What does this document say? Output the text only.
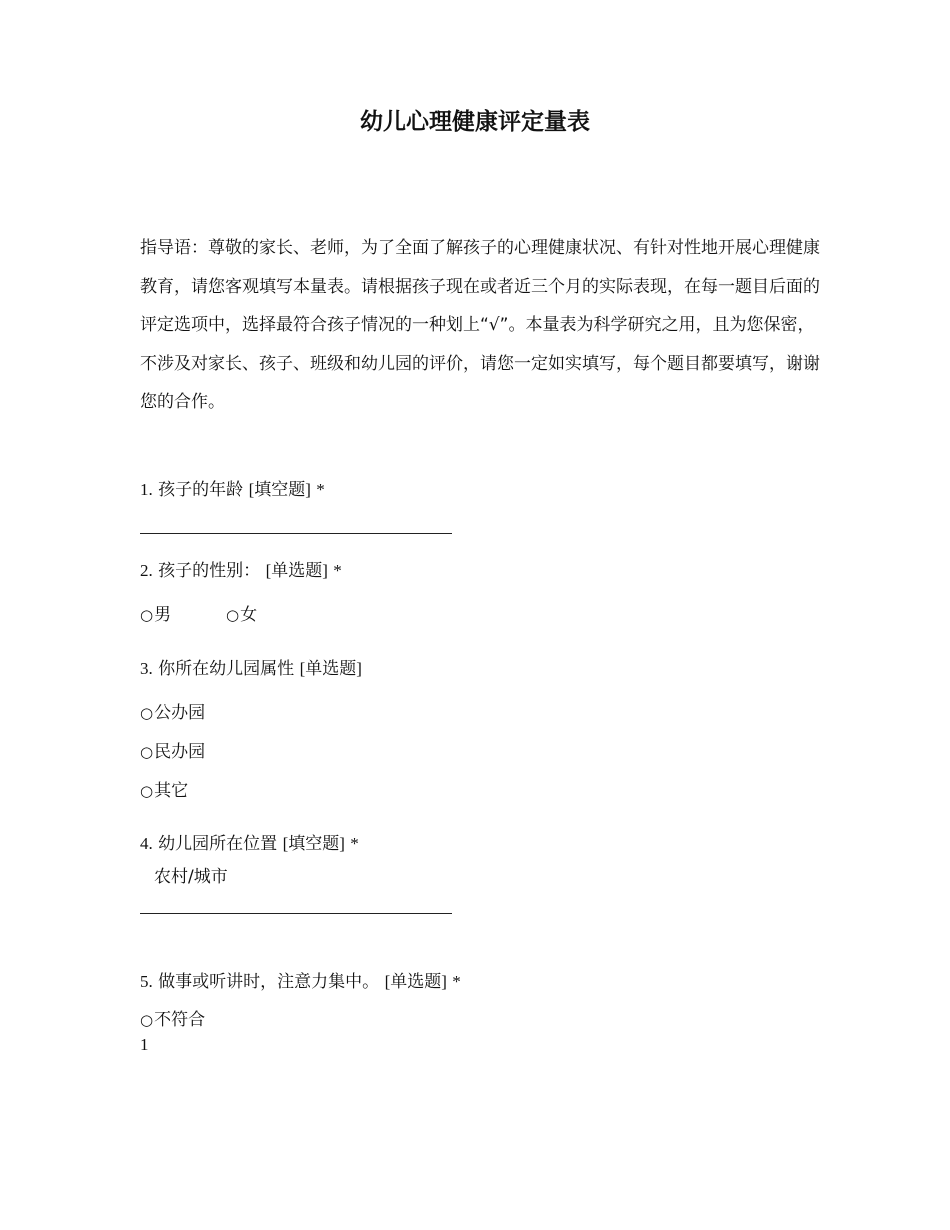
幼儿心理健康评定量表

指导语：尊敬的家长、老师，为了全面了解孩子的心理健康状况、有针对性地开展心理健康教育，请您客观填写本量表。请根据孩子现在或者近三个月的实际表现，在每一题目后面的评定选项中，选择最符合孩子情况的一种划上“√”。本量表为科学研究之用，且为您保密，不涉及对家长、孩子、班级和幼儿园的评价，请您一定如实填写，每个题目都要填写，谢谢您的合作。

1. 孩子的年龄 [填空题] *
2. 孩子的性别： [单选题] *
○男	○女
3. 你所在幼儿园属性 [单选题]
○公办园
○民办园
○其它
4. 幼儿园所在位置 [填空题] *
农村/城市
5. 做事或听讲时，注意力集中。 [单选题] *
○不符合
1
